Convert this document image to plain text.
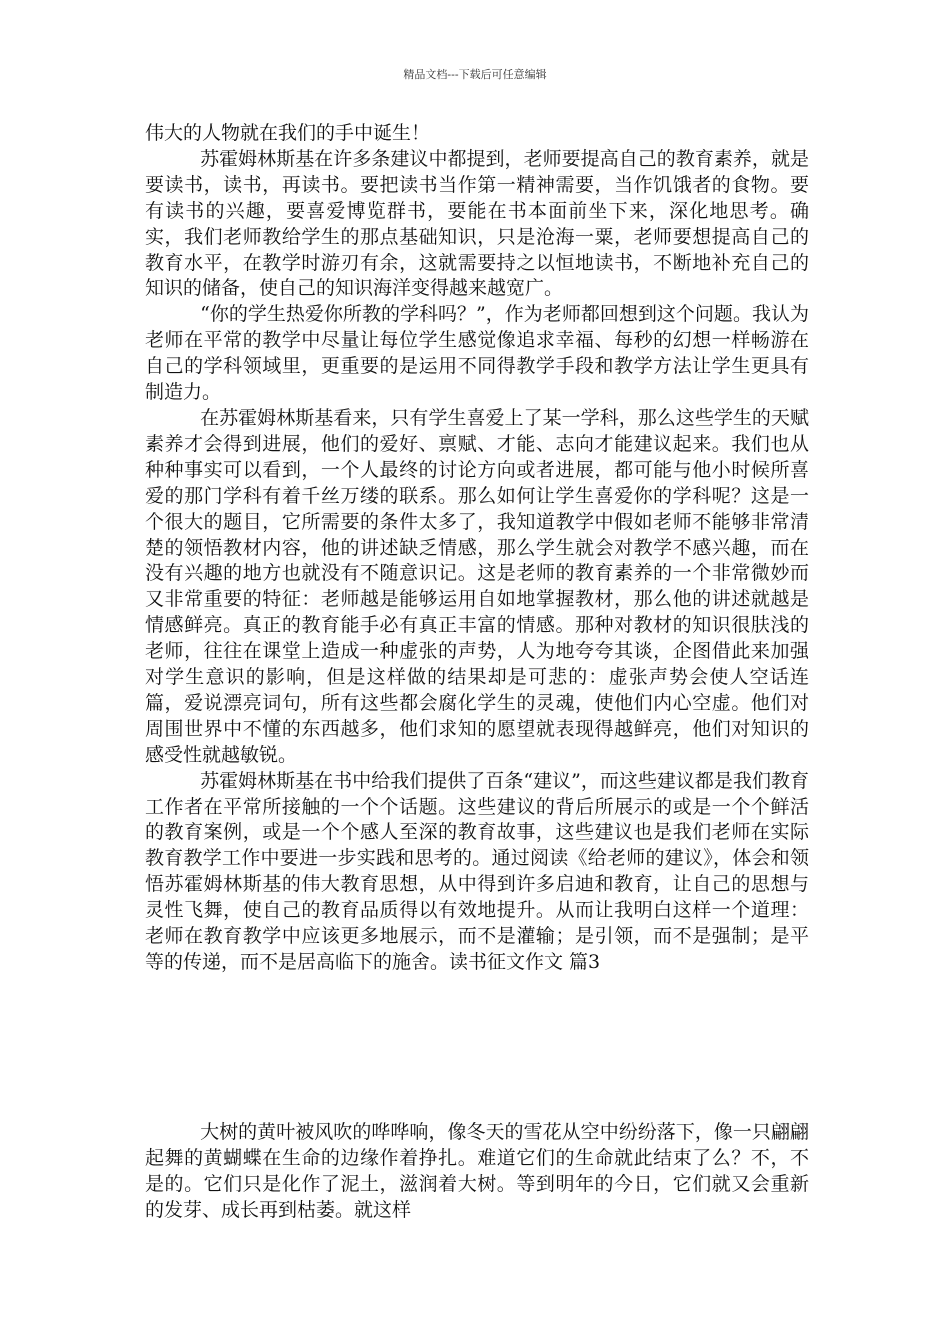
精品文档---下载后可任意编辑

伟大的人物就在我们的手中诞生！

苏霍姆林斯基在许多条建议中都提到，老师要提高自己的教育素养，就是要读书，读书，再读书。要把读书当作第一精神需要，当作饥饿者的食物。要有读书的兴趣，要喜爱博览群书，要能在书本面前坐下来，深化地思考。确实，我们老师教给学生的那点基础知识，只是沧海一粟，老师要想提高自己的教育水平，在教学时游刃有余，这就需要持之以恒地读书，不断地补充自己的知识的储备，使自己的知识海洋变得越来越宽广。

“你的学生热爱你所教的学科吗？”，作为老师都回想到这个问题。我认为老师在平常的教学中尽量让每位学生感觉像追求幸福、每秒的幻想一样畅游在自己的学科领域里，更重要的是运用不同得教学手段和教学方法让学生更具有制造力。

在苏霍姆林斯基看来，只有学生喜爱上了某一学科，那么这些学生的天赋素养才会得到进展，他们的爱好、禀赋、才能、志向才能建议起来。我们也从种种事实可以看到，一个人最终的讨论方向或者进展，都可能与他小时候所喜爱的那门学科有着千丝万缕的联系。那么如何让学生喜爱你的学科呢？这是一个很大的题目，它所需要的条件太多了，我知道教学中假如老师不能够非常清楚的领悟教材内容，他的讲述缺乏情感，那么学生就会对教学不感兴趣，而在没有兴趣的地方也就没有不随意识记。这是老师的教育素养的一个非常微妙而又非常重要的特征：老师越是能够运用自如地掌握教材，那么他的讲述就越是情感鲜亮。真正的教育能手必有真正丰富的情感。那种对教材的知识很肤浅的老师，往往在课堂上造成一种虚张的声势，人为地夸夸其谈，企图借此来加强对学生意识的影响，但是这样做的结果却是可悲的：虚张声势会使人空话连篇，爱说漂亮词句，所有这些都会腐化学生的灵魂，使他们内心空虚。他们对周围世界中不懂的东西越多，他们求知的愿望就表现得越鲜亮，他们对知识的感受性就越敏锐。

苏霍姆林斯基在书中给我们提供了百条“建议”，而这些建议都是我们教育工作者在平常所接触的一个个话题。这些建议的背后所展示的或是一个个鲜活的教育案例，或是一个个感人至深的教育故事，这些建议也是我们老师在实际教育教学工作中要进一步实践和思考的。通过阅读《给老师的建议》，体会和领悟苏霍姆林斯基的伟大教育思想，从中得到许多启迪和教育，让自己的思想与灵性飞舞，使自己的教育品质得以有效地提升。从而让我明白这样一个道理：老师在教育教学中应该更多地展示，而不是灌输；是引领，而不是强制；是平等的传递，而不是居高临下的施舍。读书征文作文 篇3

大树的黄叶被风吹的哗哗响，像冬天的雪花从空中纷纷落下，像一只翩翩起舞的黄蝴蝶在生命的边缘作着挣扎。难道它们的生命就此结束了么？不，不是的。它们只是化作了泥土，滋润着大树。等到明年的今日，它们就又会重新的发芽、成长再到枯萎。就这样
